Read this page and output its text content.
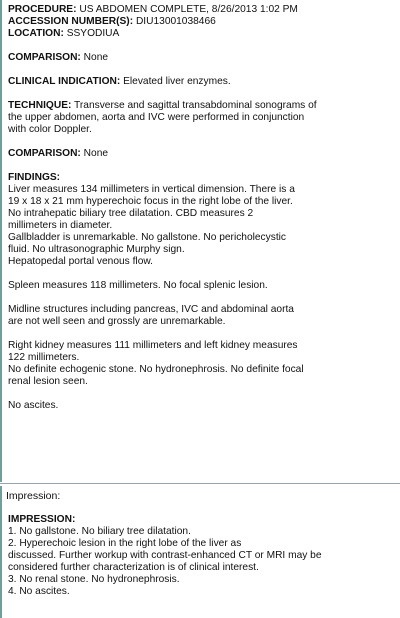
PROCEDURE: US ABDOMEN COMPLETE, 8/26/2013 1:02 PM
ACCESSION NUMBER(S): DIU13001038466
LOCATION: SSYODIUA
COMPARISON: None
CLINICAL INDICATION: Elevated liver enzymes.
TECHNIQUE: Transverse and sagittal transabdominal sonograms of
the upper abdomen, aorta and IVC were performed in conjunction
with color Doppler.
COMPARISON: None
FINDINGS:
Liver measures 134 millimeters in vertical dimension. There is a
19 x 18 x 21 mm hyperechoic focus in the right lobe of the liver.
No intrahepatic biliary tree dilatation. CBD measures 2
millimeters in diameter.
Gallbladder is unremarkable. No gallstone. No pericholecystic
fluid. No ultrasonographic Murphy sign.
Hepatopedal portal venous flow.
Spleen measures 118 millimeters. No focal splenic lesion.
Midline structures including pancreas, IVC and abdominal aorta
are not well seen and grossly are unremarkable.
Right kidney measures 111 millimeters and left kidney measures
122 millimeters.
No definite echogenic stone. No hydronephrosis. No definite focal
renal lesion seen.
No ascites.
Impression:
IMPRESSION:
1. No gallstone. No biliary tree dilatation.
2. Hyperechoic lesion in the right lobe of the liver as
discussed. Further workup with contrast-enhanced CT or MRI may be
considered further characterization is of clinical interest.
3. No renal stone. No hydronephrosis.
4. No ascites.
